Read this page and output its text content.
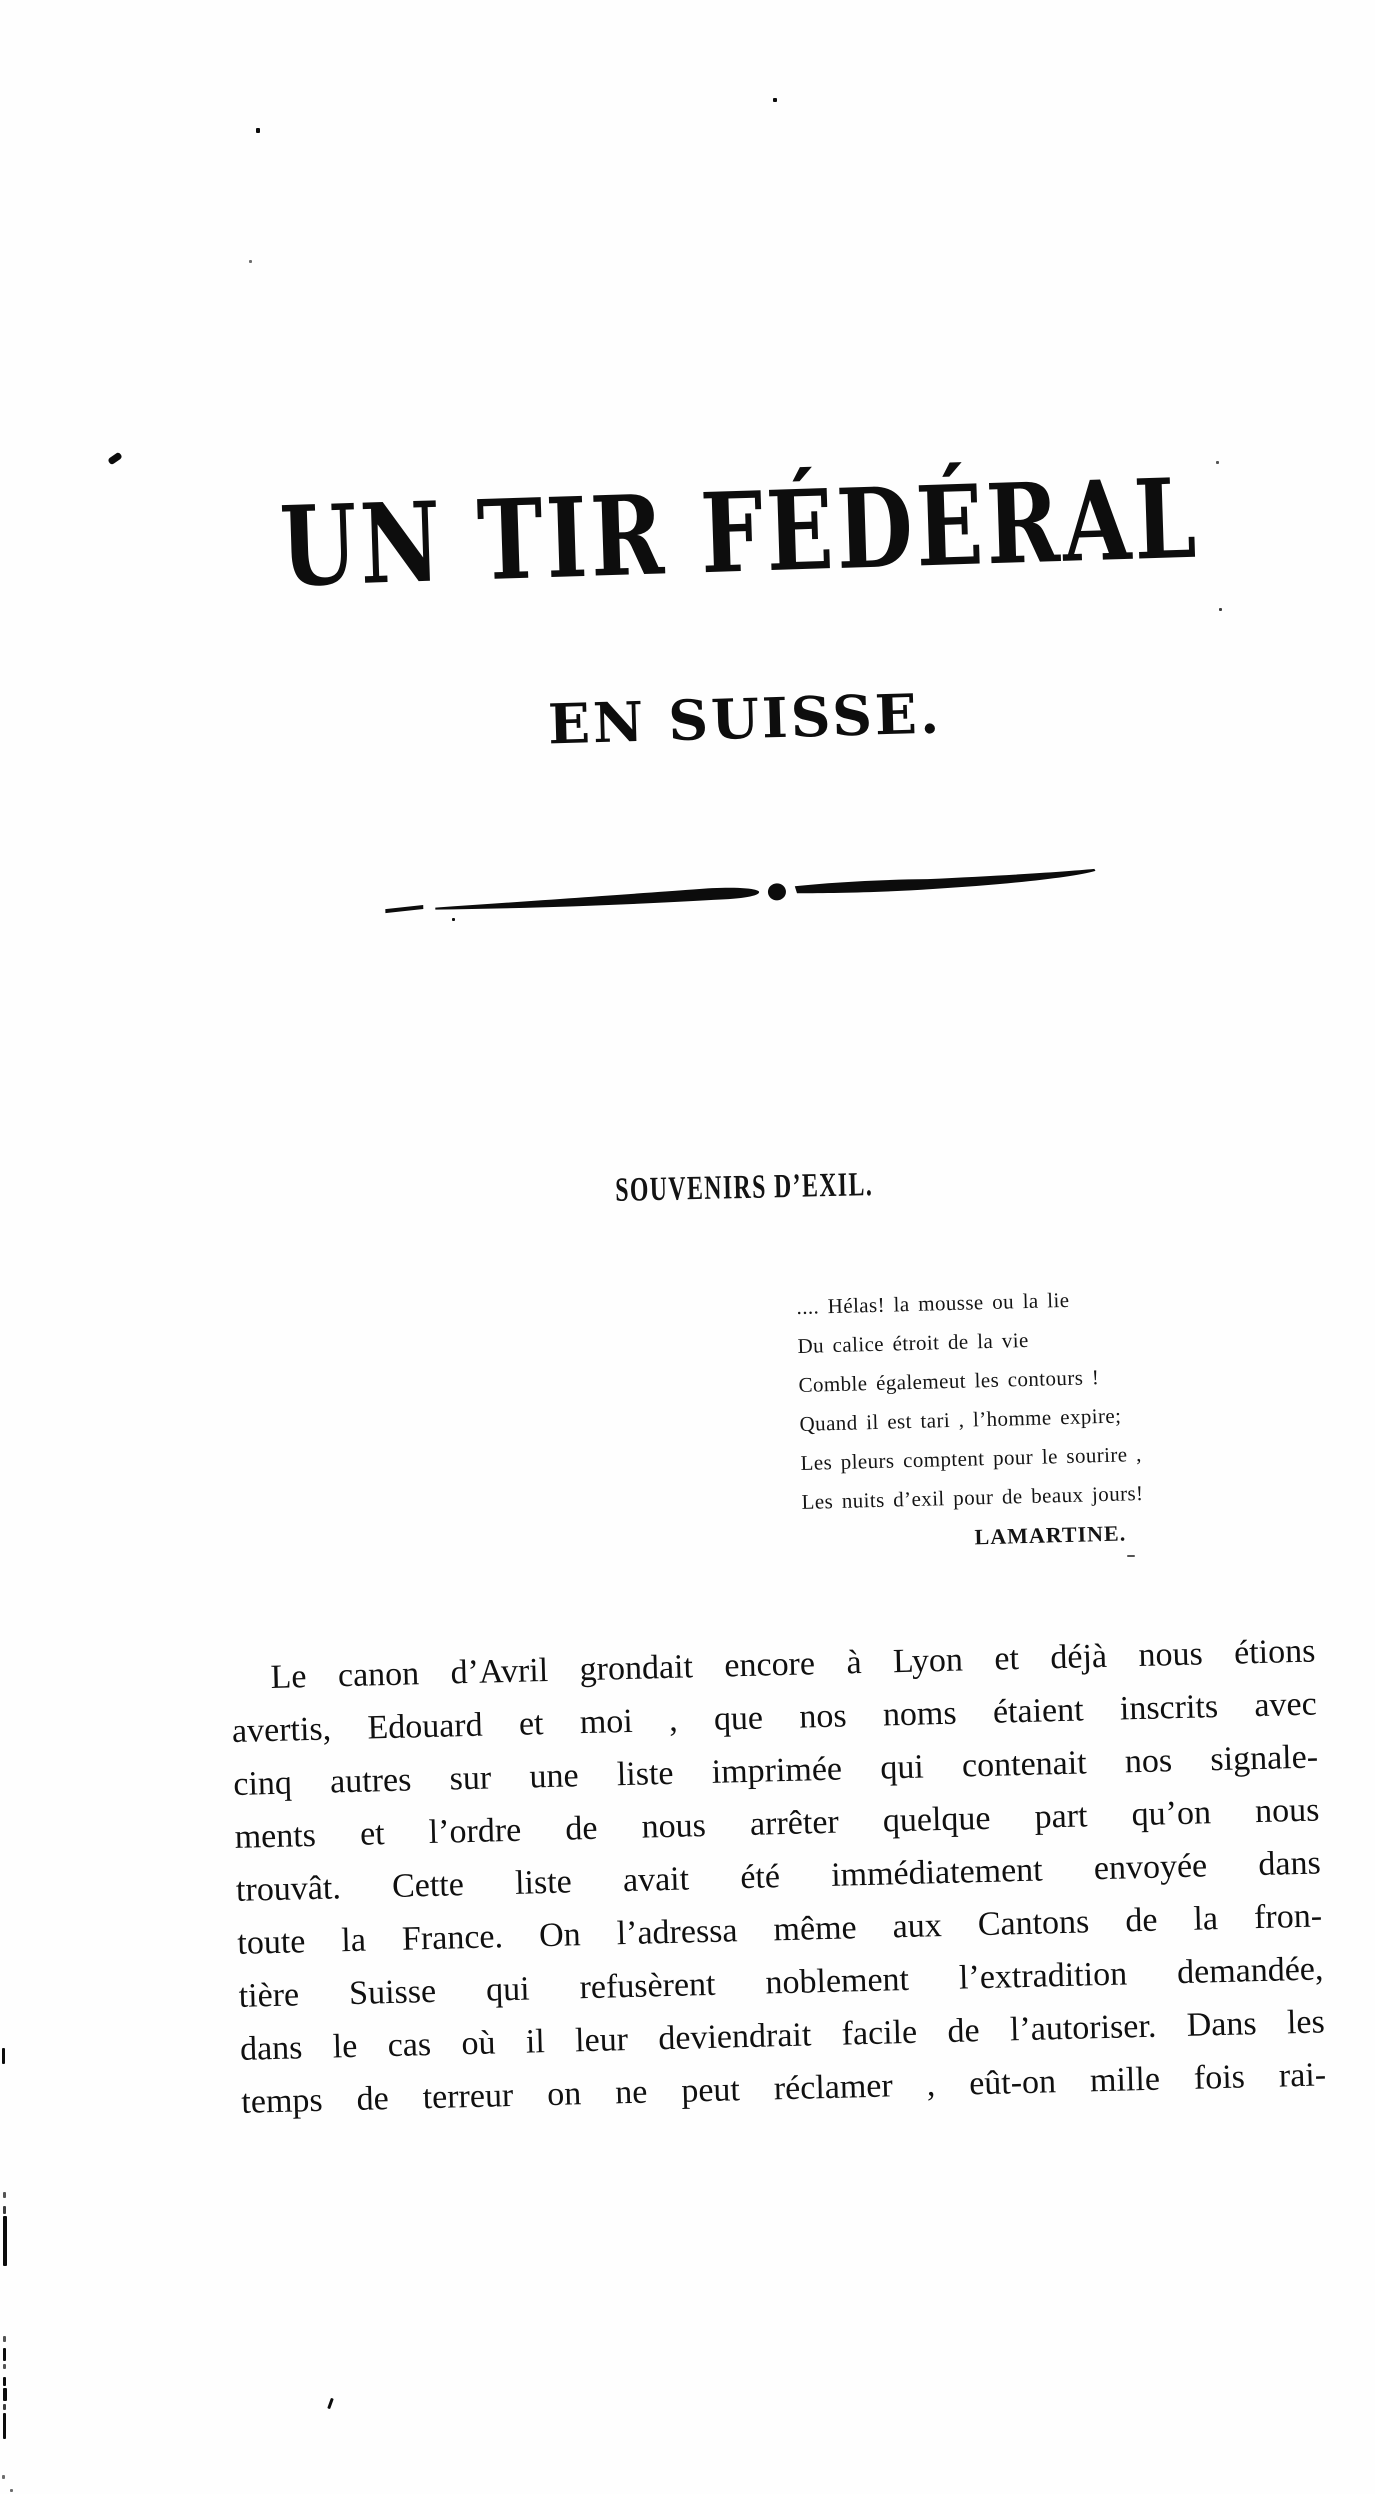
UN TIR FÉDÉRAL
EN SUISSE.
SOUVENIRS D’EXIL.
.... Hélas! la mousse ou la lie
Du calice étroit de la vie
Comble égalemeut les contours !
Quand il est tari , l’homme expire;
Les pleurs comptent pour le sourire ,
Les nuits d’exil pour de beaux jours!
LAMARTINE.
Le canon d’Avril grondait encore à Lyon et déjà nous étions
avertis, Edouard et moi , que nos noms étaient inscrits avec
cinq autres sur une liste imprimée qui contenait nos signale-
ments et l’ordre de nous arrêter quelque part qu’on nous
trouvât. Cette liste avait été immédiatement envoyée dans
toute la France. On l’adressa même aux Cantons de la fron-
tière Suisse qui refusèrent noblement l’extradition demandée,
dans le cas où il leur deviendrait facile de l’autoriser. Dans les
temps de terreur on ne peut réclamer , eût-on mille fois rai-
